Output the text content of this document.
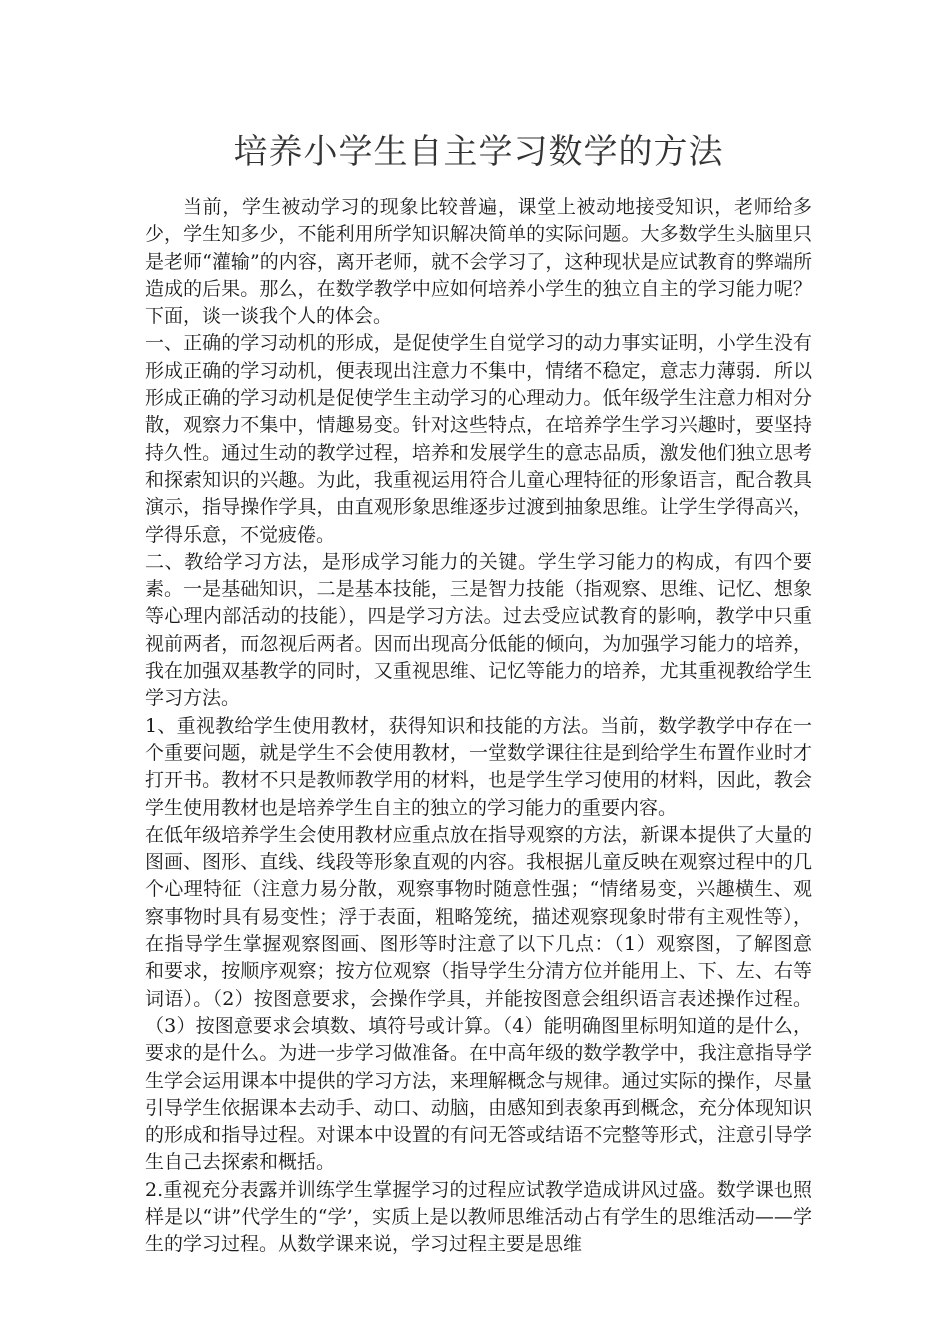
培养小学生自主学习数学的方法

当前，学生被动学习的现象比较普遍，课堂上被动地接受知识，老师给多少，学生知多少，不能利用所学知识解决简单的实际问题。大多数学生头脑里只是老师“灌输”的内容，离开老师，就不会学习了，这种现状是应试教育的弊端所造成的后果。那么，在数学教学中应如何培养小学生的独立自主的学习能力呢？下面，谈一谈我个人的体会。

一、正确的学习动机的形成，是促使学生自觉学习的动力事实证明，小学生没有形成正确的学习动机，便表现出注意力不集中，情绪不稳定，意志力薄弱．所以形成正确的学习动机是促使学生主动学习的心理动力。低年级学生注意力相对分散，观察力不集中，情趣易变。针对这些特点，在培养学生学习兴趣时，要坚持持久性。通过生动的教学过程，培养和发展学生的意志品质，激发他们独立思考和探索知识的兴趣。为此，我重视运用符合儿童心理特征的形象语言，配合教具演示，指导操作学具，由直观形象思维逐步过渡到抽象思维。让学生学得高兴，学得乐意，不觉疲倦。

二、教给学习方法，是形成学习能力的关键。学生学习能力的构成，有四个要素。一是基础知识，二是基本技能，三是智力技能（指观察、思维、记忆、想象等心理内部活动的技能），四是学习方法。过去受应试教育的影响，教学中只重视前两者，而忽视后两者。因而出现高分低能的倾向，为加强学习能力的培养，我在加强双基教学的同时，又重视思维、记忆等能力的培养，尤其重视教给学生学习方法。

1、重视教给学生使用教材，获得知识和技能的方法。当前，数学教学中存在一个重要问题，就是学生不会使用教材，一堂数学课往往是到给学生布置作业时才打开书。教材不只是教师教学用的材料，也是学生学习使用的材料，因此，教会学生使用教材也是培养学生自主的独立的学习能力的重要内容。

在低年级培养学生会使用教材应重点放在指导观察的方法，新课本提供了大量的图画、图形、直线、线段等形象直观的内容。我根据儿童反映在观察过程中的几个心理特征（注意力易分散，观察事物时随意性强；“情绪易变，兴趣横生、观察事物时具有易变性；浮于表面，粗略笼统，描述观察现象时带有主观性等），在指导学生掌握观察图画、图形等时注意了以下几点：（1）观察图，了解图意和要求，按顺序观察；按方位观察（指导学生分清方位并能用上、下、左、右等词语）。（2）按图意要求，会操作学具，并能按图意会组织语言表述操作过程。（3）按图意要求会填数、填符号或计算。（4）能明确图里标明知道的是什么，要求的是什么。为进一步学习做准备。在中高年级的数学教学中，我注意指导学生学会运用课本中提供的学习方法，来理解概念与规律。通过实际的操作，尽量引导学生依据课本去动手、动口、动脑，由感知到表象再到概念，充分体现知识的形成和指导过程。对课本中设置的有问无答或结语不完整等形式，注意引导学生自己去探索和概括。

2.重视充分表露并训练学生掌握学习的过程应试教学造成讲风过盛。数学课也照样是以“讲”代学生的“学’，实质上是以教师思维活动占有学生的思维活动——学生的学习过程。从数学课来说，学习过程主要是思维
